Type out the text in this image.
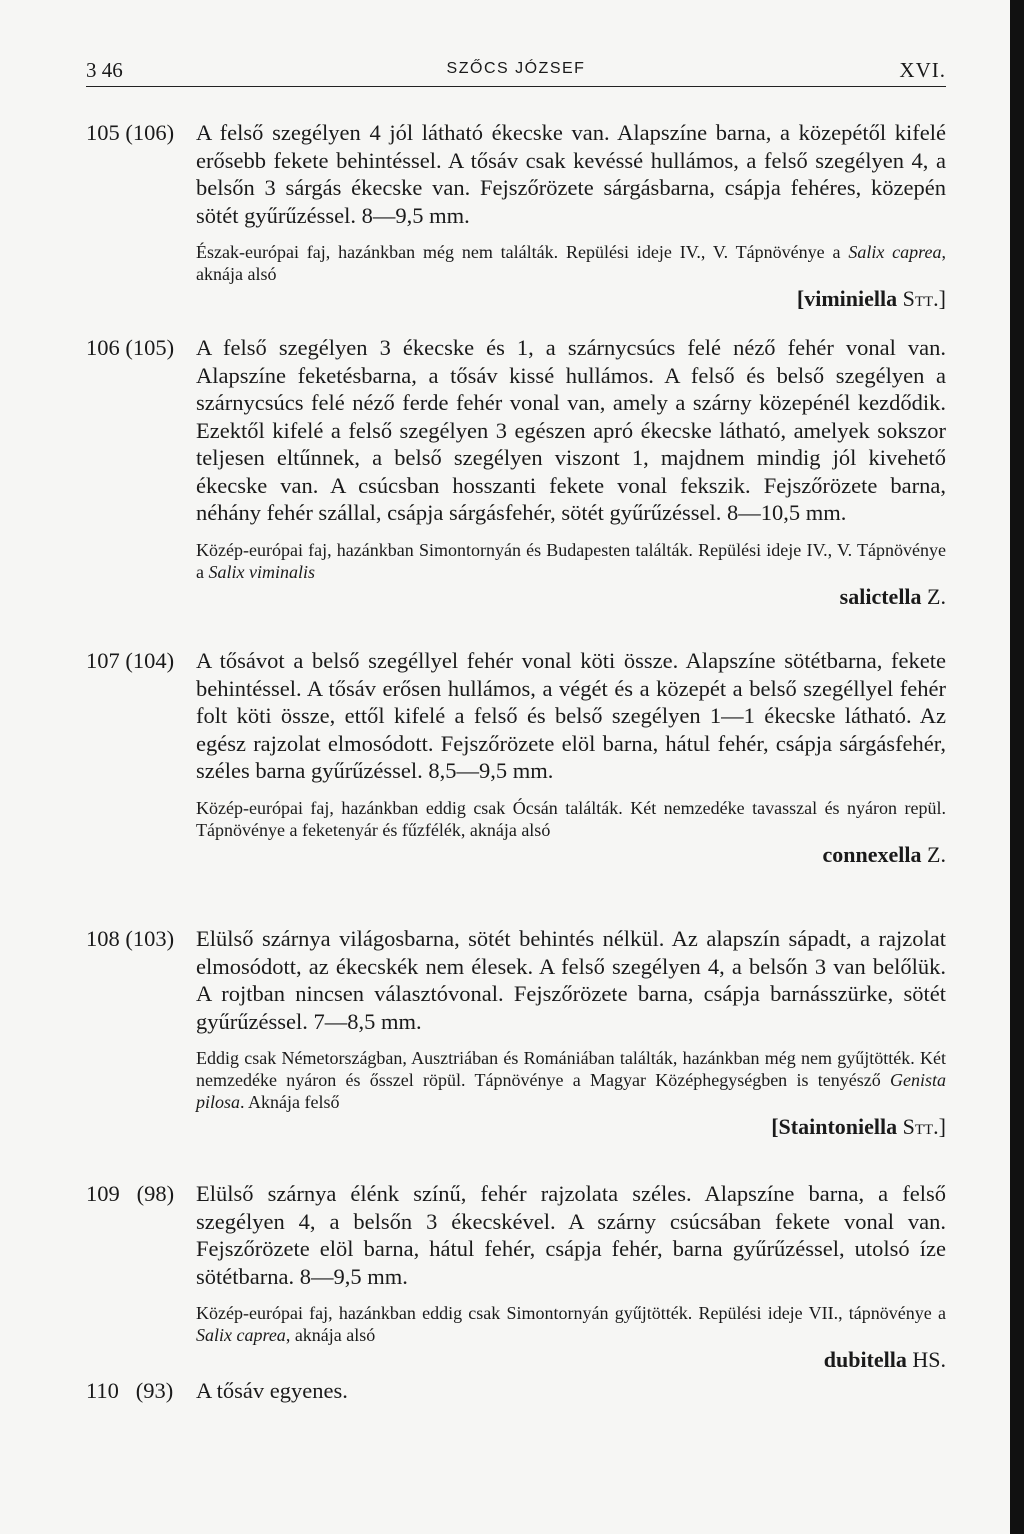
3 46	SZŐCS JÓZSEF	XVI.
105 (106) A felső szegélyen 4 jól látható ékecske van. Alapszíne barna, a közepétől kifelé erősebb fekete behintéssel. A tősáv csak kevéssé hullámos, a felső szegélyen 4, a belsőn 3 sárgás ékecske van. Fejszőrözete sárgásbarna, csápja fehéres, közepén sötét gyűrűzéssel. 8—9,5 mm.
Észak-európai faj, hazánkban még nem találták. Repülési ideje IV., V. Tápnövénye a Salix caprea, aknája alsó
[viminiella Stt.]
106 (105) A felső szegélyen 3 ékecske és 1, a szárnycsúcs felé néző fehér vonal van. Alapszíne feketésbarna, a tősáv kissé hullámos. A felső és belső szegélyen a szárnycsúcs felé néző ferde fehér vonal van, amely a szárny közepénél kezdődik. Ezektől kifelé a felső szegélyen 3 egészen apró ékecske látható, amelyek sokszor teljesen eltűnnek, a belső szegélyen viszont 1, majdnem mindig jól kivehető ékecske van. A csúcsban hosszanti fekete vonal fekszik. Fejszőrözete barna, néhány fehér szállal, csápja sárgásfehér, sötét gyűrűzéssel. 8—10,5 mm.
Közép-európai faj, hazánkban Simontornyán és Budapesten találták. Repülési ideje IV., V. Tápnövénye a Salix viminalis
salictella Z.
107 (104) A tősávot a belső szegéllyel fehér vonal köti össze. Alapszíne sötétbarna, fekete behintéssel. A tősáv erősen hullámos, a végét és a közepét a belső szegéllyel fehér folt köti össze, ettől kifelé a felső és belső szegélyen 1—1 ékecske látható. Az egész rajzolat elmosódott. Fejszőrözete elöl barna, hátul fehér, csápja sárgásfehér, széles barna gyűrűzéssel. 8,5—9,5 mm.
Közép-európai faj, hazánkban eddig csak Ócsán találták. Két nemzedéke tavasszal és nyáron repül. Tápnövénye a feketenyár és fűzfélék, aknája alsó
connexella Z.
108 (103) Elülső szárnya világosbarna, sötét behintés nélkül. Az alapszín sápadt, a rajzolat elmosódott, az ékecskék nem élesek. A felső szegélyen 4, a belsőn 3 van belőlük. A rojtban nincsen választóvonal. Fejszőrözete barna, csápja barnásszürke, sötét gyűrűzéssel. 7—8,5 mm.
Eddig csak Németországban, Ausztriában és Romániában találták, hazánkban még nem gyűjtötték. Két nemzedéke nyáron és ősszel röpül. Tápnövénye a Magyar Középhegységben is tenyésző Genista pilosa. Aknája felső
[Staintoniella Stt.]
109   (98) Elülső szárnya élénk színű, fehér rajzolata széles. Alapszíne barna, a felső szegélyen 4, a belsőn 3 ékecskével. A szárny csúcsában fekete vonal van. Fejszőrözete elöl barna, hátul fehér, csápja fehér, barna gyűrűzéssel, utolsó íze sötétbarna. 8—9,5 mm.
Közép-európai faj, hazánkban eddig csak Simontornyán gyűjtötték. Repülési ideje VII., tápnövénye a Salix caprea, aknája alsó
dubitella HS.
110   (93) A tősáv egyenes.
